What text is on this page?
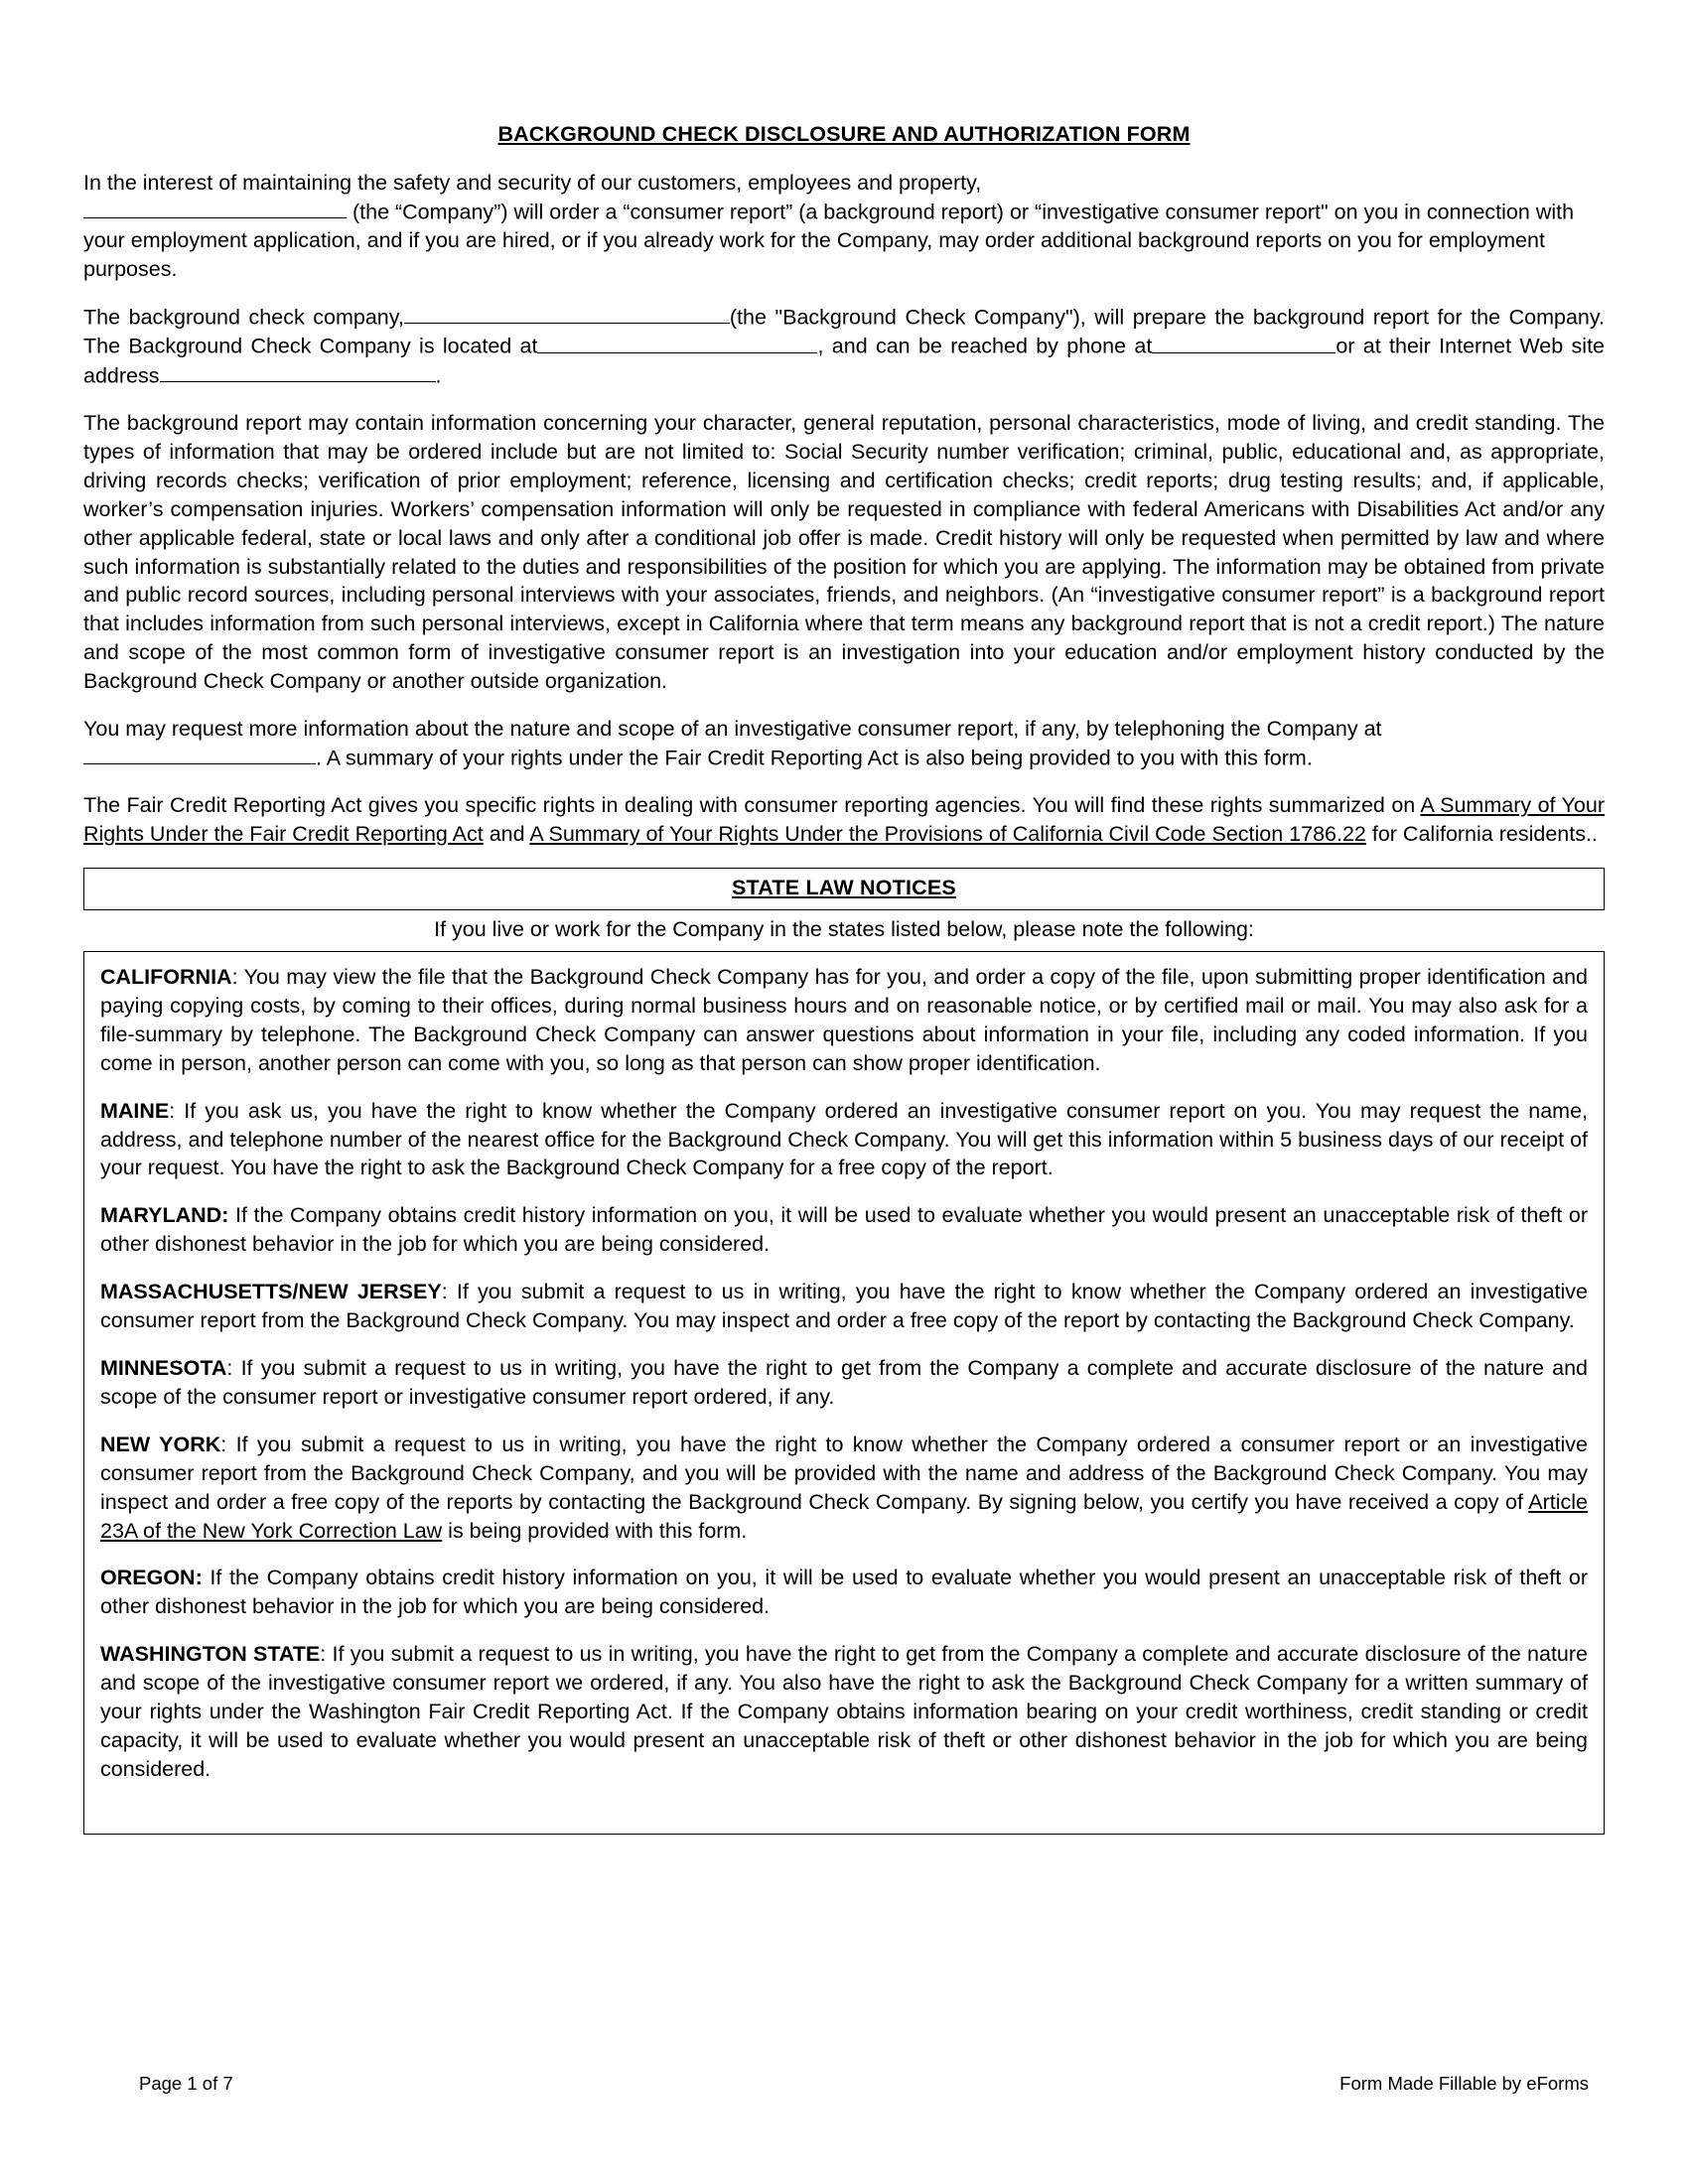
BACKGROUND CHECK DISCLOSURE AND AUTHORIZATION FORM

In the interest of maintaining the safety and security of our customers, employees and property,
(the “Company”) will order a “consumer report” (a background report) or “investigative consumer report" on you in connection with your employment application, and if you are hired, or if you already work for the Company, may order additional background reports on you for employment purposes.

The background check company,	(the "Background Check Company"), will prepare the background report for the Company. The Background Check Company is located at	, and can be reached by phone at	or at their Internet Web site address	.

The background report may contain information concerning your character, general reputation, personal characteristics, mode of living, and credit standing. The types of information that may be ordered include but are not limited to: Social Security number verification; criminal, public, educational and, as appropriate, driving records checks; verification of prior employment; reference, licensing and certification checks; credit reports; drug testing results; and, if applicable, worker’s compensation injuries. Workers’ compensation information will only be requested in compliance with federal Americans with Disabilities Act and/or any other applicable federal, state or local laws and only after a conditional job offer is made. Credit history will only be requested when permitted by law and where such information is substantially related to the duties and responsibilities of the position for which you are applying. The information may be obtained from private and public record sources, including personal interviews with your associates, friends, and neighbors. (An “investigative consumer report” is a background report that includes information from such personal interviews, except in California where that term means any background report that is not a credit report.) The nature and scope of the most common form of investigative consumer report is an investigation into your education and/or employment history conducted by the Background Check Company or another outside organization.

You may request more information about the nature and scope of an investigative consumer report, if any, by telephoning the Company at
. A summary of your rights under the Fair Credit Reporting Act is also being provided to you with this form.

The Fair Credit Reporting Act gives you specific rights in dealing with consumer reporting agencies. You will find these rights summarized on A Summary of Your Rights Under the Fair Credit Reporting Act and A Summary of Your Rights Under the Provisions of California Civil Code Section 1786.22 for California residents..

STATE LAW NOTICES
If you live or work for the Company in the states listed below, please note the following:

CALIFORNIA: You may view the file that the Background Check Company has for you, and order a copy of the file, upon submitting proper identification and paying copying costs, by coming to their offices, during normal business hours and on reasonable notice, or by certified mail or mail. You may also ask for a file-summary by telephone. The Background Check Company can answer questions about information in your file, including any coded information. If you come in person, another person can come with you, so long as that person can show proper identification.

MAINE: If you ask us, you have the right to know whether the Company ordered an investigative consumer report on you. You may request the name, address, and telephone number of the nearest office for the Background Check Company. You will get this information within 5 business days of our receipt of your request. You have the right to ask the Background Check Company for a free copy of the report.

MARYLAND: If the Company obtains credit history information on you, it will be used to evaluate whether you would present an unacceptable risk of theft or other dishonest behavior in the job for which you are being considered.

MASSACHUSETTS/NEW JERSEY: If you submit a request to us in writing, you have the right to know whether the Company ordered an investigative consumer report from the Background Check Company. You may inspect and order a free copy of the report by contacting the Background Check Company.

MINNESOTA: If you submit a request to us in writing, you have the right to get from the Company a complete and accurate disclosure of the nature and scope of the consumer report or investigative consumer report ordered, if any.

NEW YORK: If you submit a request to us in writing, you have the right to know whether the Company ordered a consumer report or an investigative consumer report from the Background Check Company, and you will be provided with the name and address of the Background Check Company. You may inspect and order a free copy of the reports by contacting the Background Check Company. By signing below, you certify you have received a copy of Article 23A of the New York Correction Law is being provided with this form.

OREGON: If the Company obtains credit history information on you, it will be used to evaluate whether you would present an unacceptable risk of theft or other dishonest behavior in the job for which you are being considered.

WASHINGTON STATE: If you submit a request to us in writing, you have the right to get from the Company a complete and accurate disclosure of the nature and scope of the investigative consumer report we ordered, if any. You also have the right to ask the Background Check Company for a written summary of your rights under the Washington Fair Credit Reporting Act. If the Company obtains information bearing on your credit worthiness, credit standing or credit capacity, it will be used to evaluate whether you would present an unacceptable risk of theft or other dishonest behavior in the job for which you are being considered.

Page 1 of 7	Form Made Fillable by eForms
